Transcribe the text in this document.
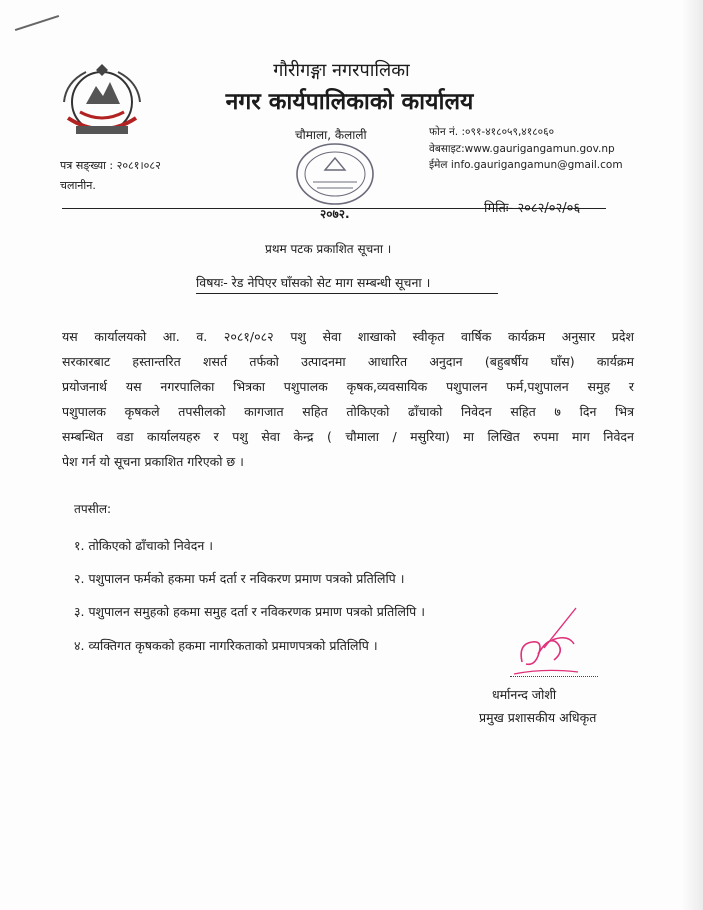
गौरीगङ्गा नगरपालिका
नगर कार्यपालिकाको कार्यालय
चौमाला, कैलाली	फोन नं. :०९१-४१८०५९,४१८०६०
वेबसाइट:www.gaurigangamun.gov.np
ईमेल info.gaurigangamun@gmail.com
पत्र सङ्ख्या : २०८१।०८२
चलानीन.
२०७२.	मितिः- २०८२/०२/०६
प्रथम पटक प्रकाशित सूचना ।
विषयः- रेड नेपिएर घाँसको सेट माग सम्बन्धी सूचना ।
यस कार्यालयको आ. व. २०८१/०८२ पशु सेवा शाखाको स्वीकृत वार्षिक कार्यक्रम अनुसार प्रदेश
सरकारबाट हस्तान्तरित शसर्त तर्फको उत्पादनमा आधारित अनुदान (बहुबर्षीय घाँस) कार्यक्रम
प्रयोजनार्थ यस नगरपालिका भित्रका पशुपालक कृषक,व्यवसायिक पशुपालन फर्म,पशुपालन समुह र
पशुपालक कृषकले तपसीलको कागजात सहित तोकिएको ढाँचाको निवेदन सहित ७ दिन भित्र
सम्बन्धित वडा कार्यालयहरु र पशु सेवा केन्द्र ( चौमाला / मसुरिया) मा लिखित रुपमा माग निवेदन
पेश गर्न यो सूचना प्रकाशित गरिएको छ ।
तपसील:
१. तोकिएको ढाँचाको निवेदन ।
२. पशुपालन फर्मको हकमा फर्म दर्ता र नविकरण प्रमाण पत्रको प्रतिलिपि ।
३. पशुपालन समुहको हकमा समुह दर्ता र नविकरणक प्रमाण पत्रको प्रतिलिपि ।
४. व्यक्तिगत कृषकको हकमा नागरिकताको प्रमाणपत्रको प्रतिलिपि ।
धर्मानन्द जोशी
प्रमुख प्रशासकीय अधिकृत
